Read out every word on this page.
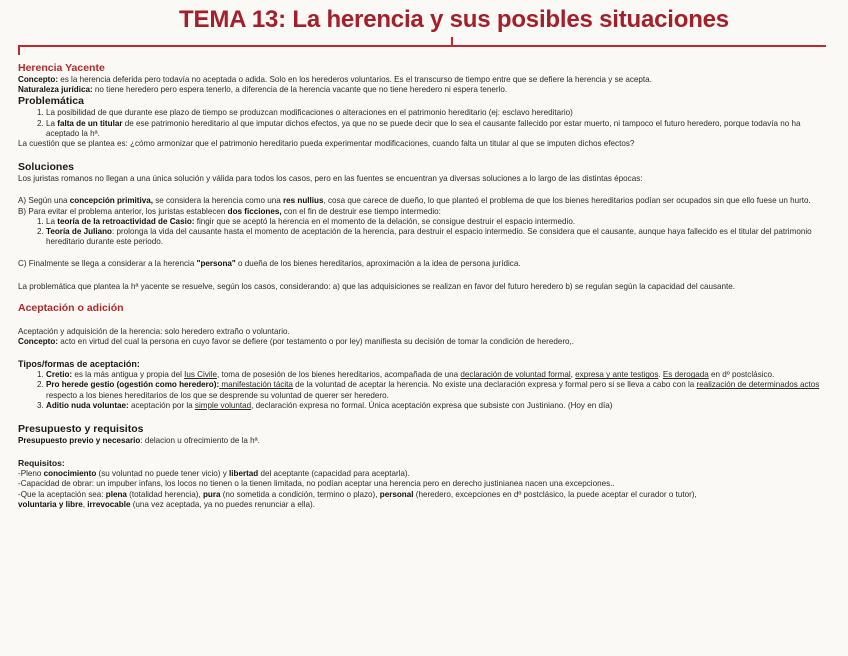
TEMA 13: La herencia y sus posibles situaciones

Herencia Yacente

Concepto: es la herencia deferida pero todavía no aceptada o adida. Solo en los herederos voluntarios. Es el transcurso de tiempo entre que se defiere la herencia y se acepta.

Naturaleza jurídica: no tiene heredero pero espera tenerlo, a diferencia de la herencia vacante que no tiene heredero ni espera tenerlo.

Problemática

1. La posibilidad de que durante ese plazo de tiempo se produzcan modificaciones o alteraciones en el patrimonio hereditario (ej: esclavo hereditario)
2. La falta de un titular de ese patrimonio hereditario al que imputar dichos efectos, ya que no se puede decir que lo sea el causante fallecido por estar muerto, ni tampoco el futuro heredero, porque todavía no ha aceptado la hª.

La cuestión que se plantea es: ¿cómo armonizar que el patrimonio hereditario pueda experimentar modificaciones, cuando falta un titular al que se imputen dichos efectos?

Soluciones

Los juristas romanos no llegan a una única solución y válida para todos los casos, pero en las fuentes se encuentran ya diversas soluciones a lo largo de las distintas épocas:

A) Según una concepción primitiva, se considera la herencia como una res nullius, cosa que carece de dueño, lo que planteó el problema de que los bienes hereditarios podían ser ocupados sin que ello fuese un hurto.

B) Para evitar el problema anterior, los juristas establecen dos ficciones, con el fin de destruir ese tiempo intermedio:

1. La teoría de la retroactividad de Casio: fingir que se aceptó la herencia en el momento de la delación, se consigue destruir el espacio intermedio.
2. Teoría de Juliano: prolonga la vida del causante hasta el momento de aceptación de la herencia, para destruir el espacio intermedio. Se considera que el causante, aunque haya fallecido es el titular del patrimonio hereditario durante este periodo.

C) Finalmente se llega a considerar a la herencia "persona" o dueña de los bienes hereditarios, aproximación a la idea de persona jurídica.

La problemática que plantea la hª yacente se resuelve, según los casos, considerando: a) que las adquisiciones se realizan en favor del futuro heredero b) se regulan según la capacidad del causante.

Aceptación o adición

Aceptación y adquisición de la herencia: solo heredero extraño o voluntario.

Concepto: acto en virtud del cual la persona en cuyo favor se defiere (por testamento o por ley) manifiesta su decisión de tomar la condición de heredero,.

Tipos/formas de aceptación:

1. Cretio: es la más antigua y propia del Ius Civile, toma de posesión de los bienes hereditarios, acompañada de una declaración de voluntad formal, expresa y ante testigos. Es derogada en dº postclásico.
2. Pro herede gestio (ogestión como heredero): manifestación tácita de la voluntad de aceptar la herencia. No existe una declaración expresa y formal pero si se lleva a cabo con la realización de determinados actos respecto a los bienes hereditarios de los que se desprende su voluntad de querer ser heredero.
3. Aditio nuda voluntae: aceptación por la simple voluntad, declaración expresa no formal. Única aceptación expresa que subsiste con Justiniano. (Hoy en día)

Presupuesto y requisitos

Presupuesto previo y necesario: delacion u ofrecimiento de la hª.

Requisitos:

-Pleno conocimiento (su voluntad no puede tener vicio) y libertad del aceptante (capacidad para aceptarla).

-Capacidad de obrar: un impuber infans, los locos no tienen o la tienen limitada, no podían aceptar una herencia pero en derecho justinianea nacen una excepciones..

-Que la aceptación sea: plena (totalidad herencia), pura (no sometida a condición, termino o plazo), personal (heredero, excepciones en dº postclásico, la puede aceptar el curador o tutor),

voluntaria y libre, irrevocable (una vez aceptada, ya no puedes renunciar a ella).
